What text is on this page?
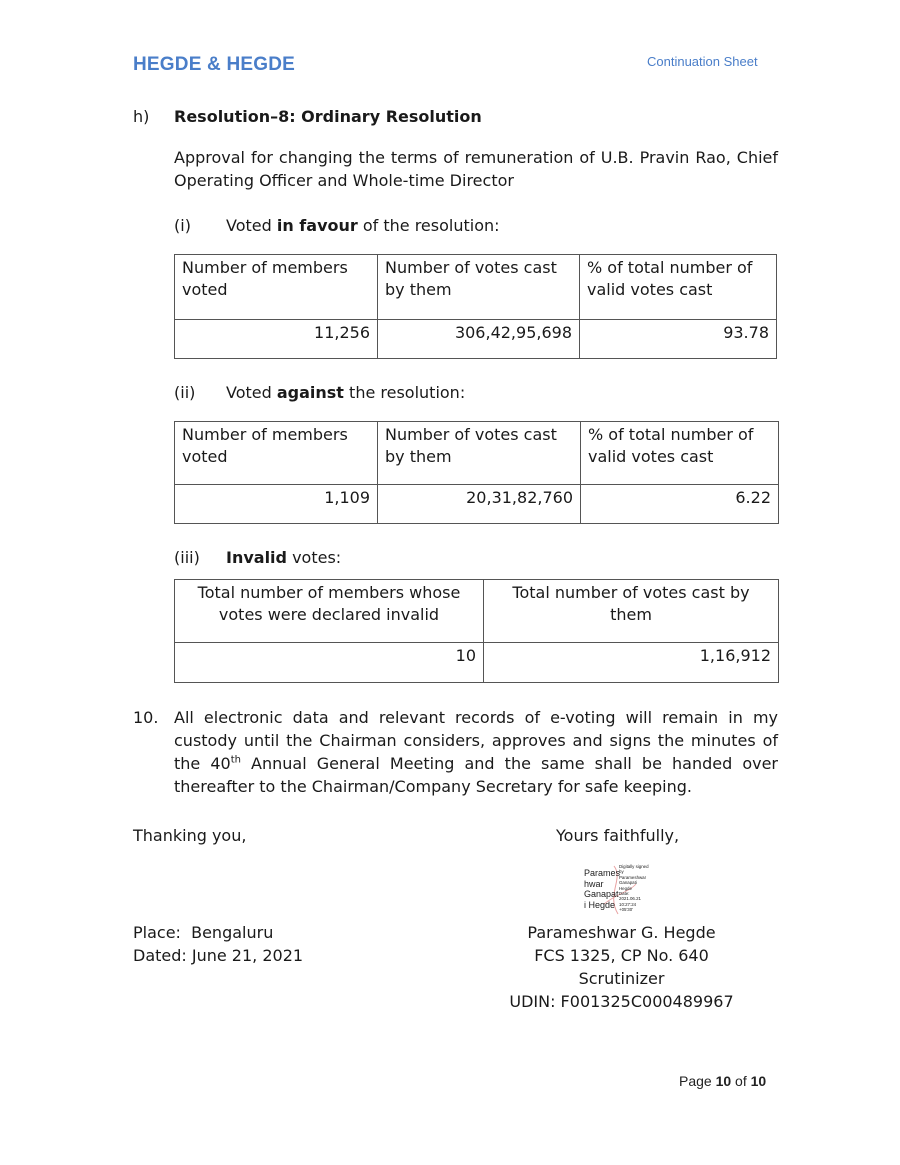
HEGDE & HEGDE	Continuation Sheet
h) Resolution–8: Ordinary Resolution
Approval for changing the terms of remuneration of U.B. Pravin Rao, Chief Operating Officer and Whole-time Director
(i) Voted in favour of the resolution:
Number of members voted	Number of votes cast by them	% of total number of valid votes cast
11,256	306,42,95,698	93.78
(ii) Voted against the resolution:
Number of members voted	Number of votes cast by them	% of total number of valid votes cast
1,109	20,31,82,760	6.22
(iii) Invalid votes:
Total number of members whose votes were declared invalid	Total number of votes cast by them
10	1,16,912
10. All electronic data and relevant records of e-voting will remain in my custody until the Chairman considers, approves and signs the minutes of the 40th Annual General Meeting and the same shall be handed over thereafter to the Chairman/Company Secretary for safe keeping.
Thanking you,	Yours faithfully,
Parames
hwar
Ganapat
i Hegde
Digitally signed
by
Parameshwar
Ganapati
Hegde
Date:
2021.06.21
10:27:24
+05'30'
Place:  Bengaluru
Dated: June 21, 2021
Parameshwar G. Hegde
FCS 1325, CP No. 640
Scrutinizer
UDIN: F001325C000489967
Page 10 of 10
